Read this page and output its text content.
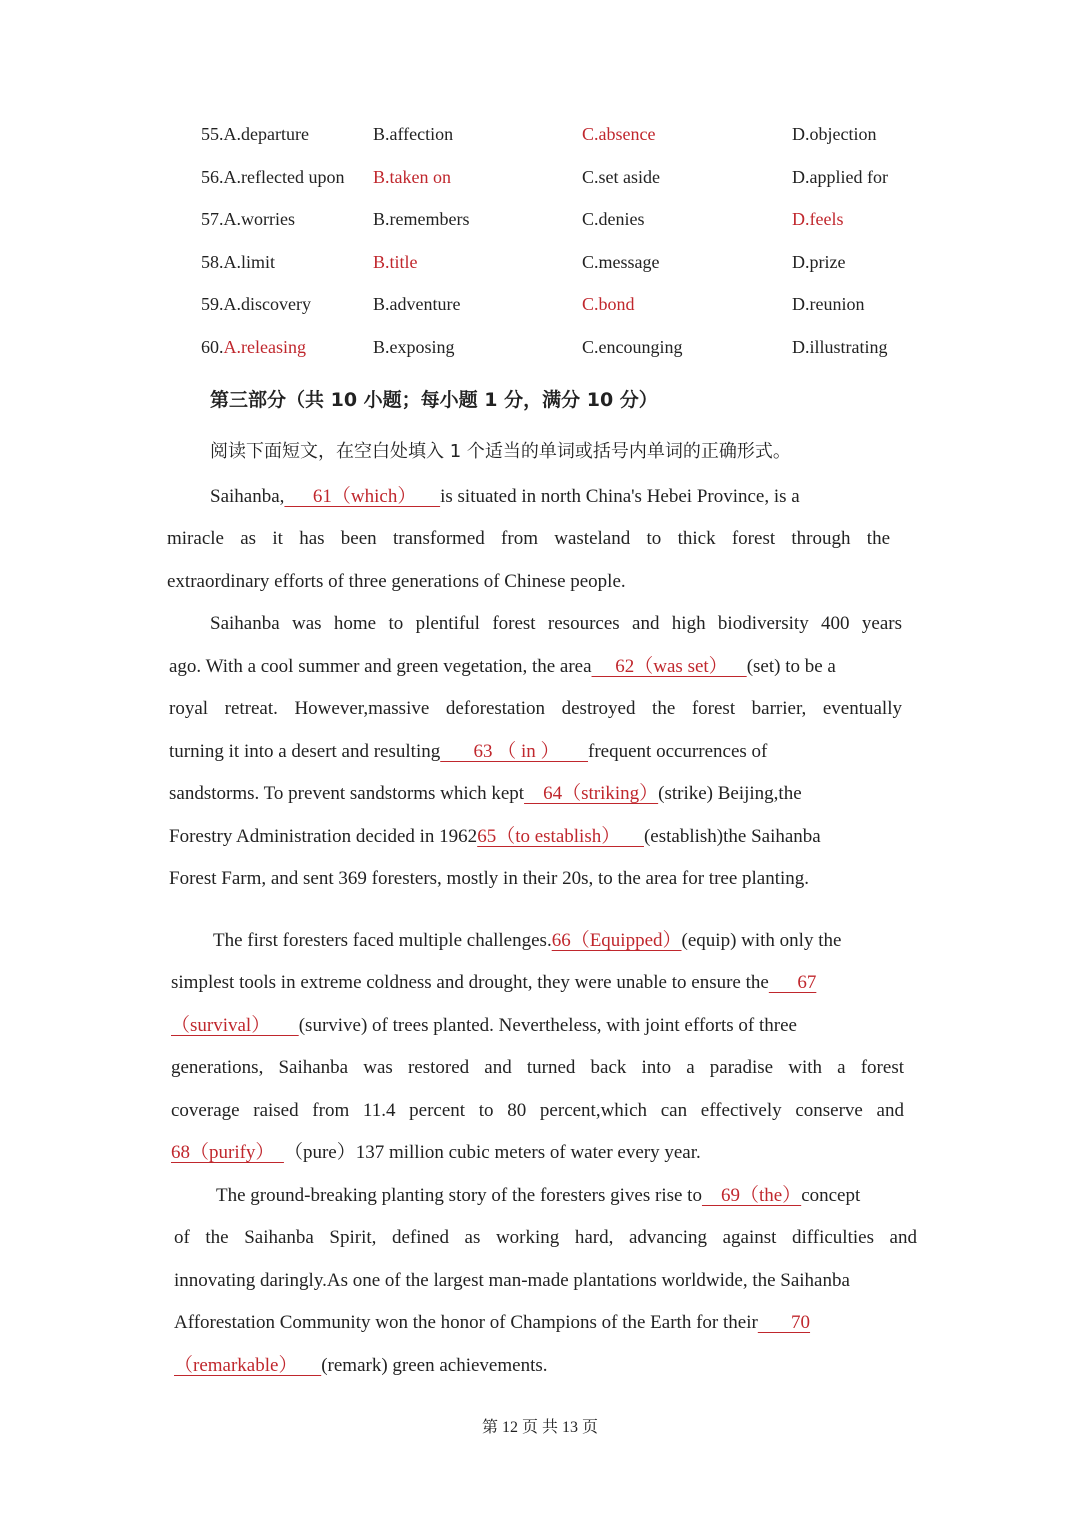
55.A.departure	B.affection	C.absence	D.objection
56.A.reflected upon B.taken on	C.set aside	D.applied for
57.A.worries	B.remembers	C.denies	D.feels
58.A.limit	B.title	C.message	D.prize
59.A.discovery	B.adventure	C.bond	D.reunion
60.A.releasing	B.exposing	C.encounging	D.illustrating
第三部分（共 10 小题；每小题 1 分，满分 10 分）
阅读下面短文，在空白处填入 1 个适当的单词或括号内单词的正确形式。
Saihanba,      61（which）     is situated in north China's Hebei Province, is a
miracle as it has been transformed from wasteland to thick forest through the
extraordinary efforts of three generations of Chinese people.
Saihanba was home to plentiful forest resources and high biodiversity 400 years
ago. With a cool summer and green vegetation, the area     62（was set）    (set) to be a
royal retreat. However,massive deforestation destroyed the forest barrier, eventually
turning it into a desert and resulting       63 （ in ）      frequent occurrences of
sandstorms. To prevent sandstorms which kept    64（striking）(strike) Beijing,the
Forestry Administration decided in 196265（to establish）     (establish)the Saihanba
Forest Farm, and sent 369 foresters, mostly in their 20s, to the area for tree planting.
The first foresters faced multiple challenges.66（Equipped）(equip) with only the
simplest tools in extreme coldness and drought, they were unable to ensure the      67
（survival）      (survive) of trees planted. Nevertheless, with joint efforts of three
generations, Saihanba was restored and turned back into a paradise with a forest
coverage raised from 11.4 percent to 80 percent,which can effectively conserve and
68（purify）  （pure）137 million cubic meters of water every year.
The ground-breaking planting story of the foresters gives rise to    69（the）concept
of the Saihanba Spirit, defined as working hard, advancing against difficulties and
innovating daringly.As one of the largest man-made plantations worldwide, the Saihanba
Afforestation Community won the honor of Champions of the Earth for their       70
（remarkable）     (remark) green achievements.
第 12 页 共 13 页
